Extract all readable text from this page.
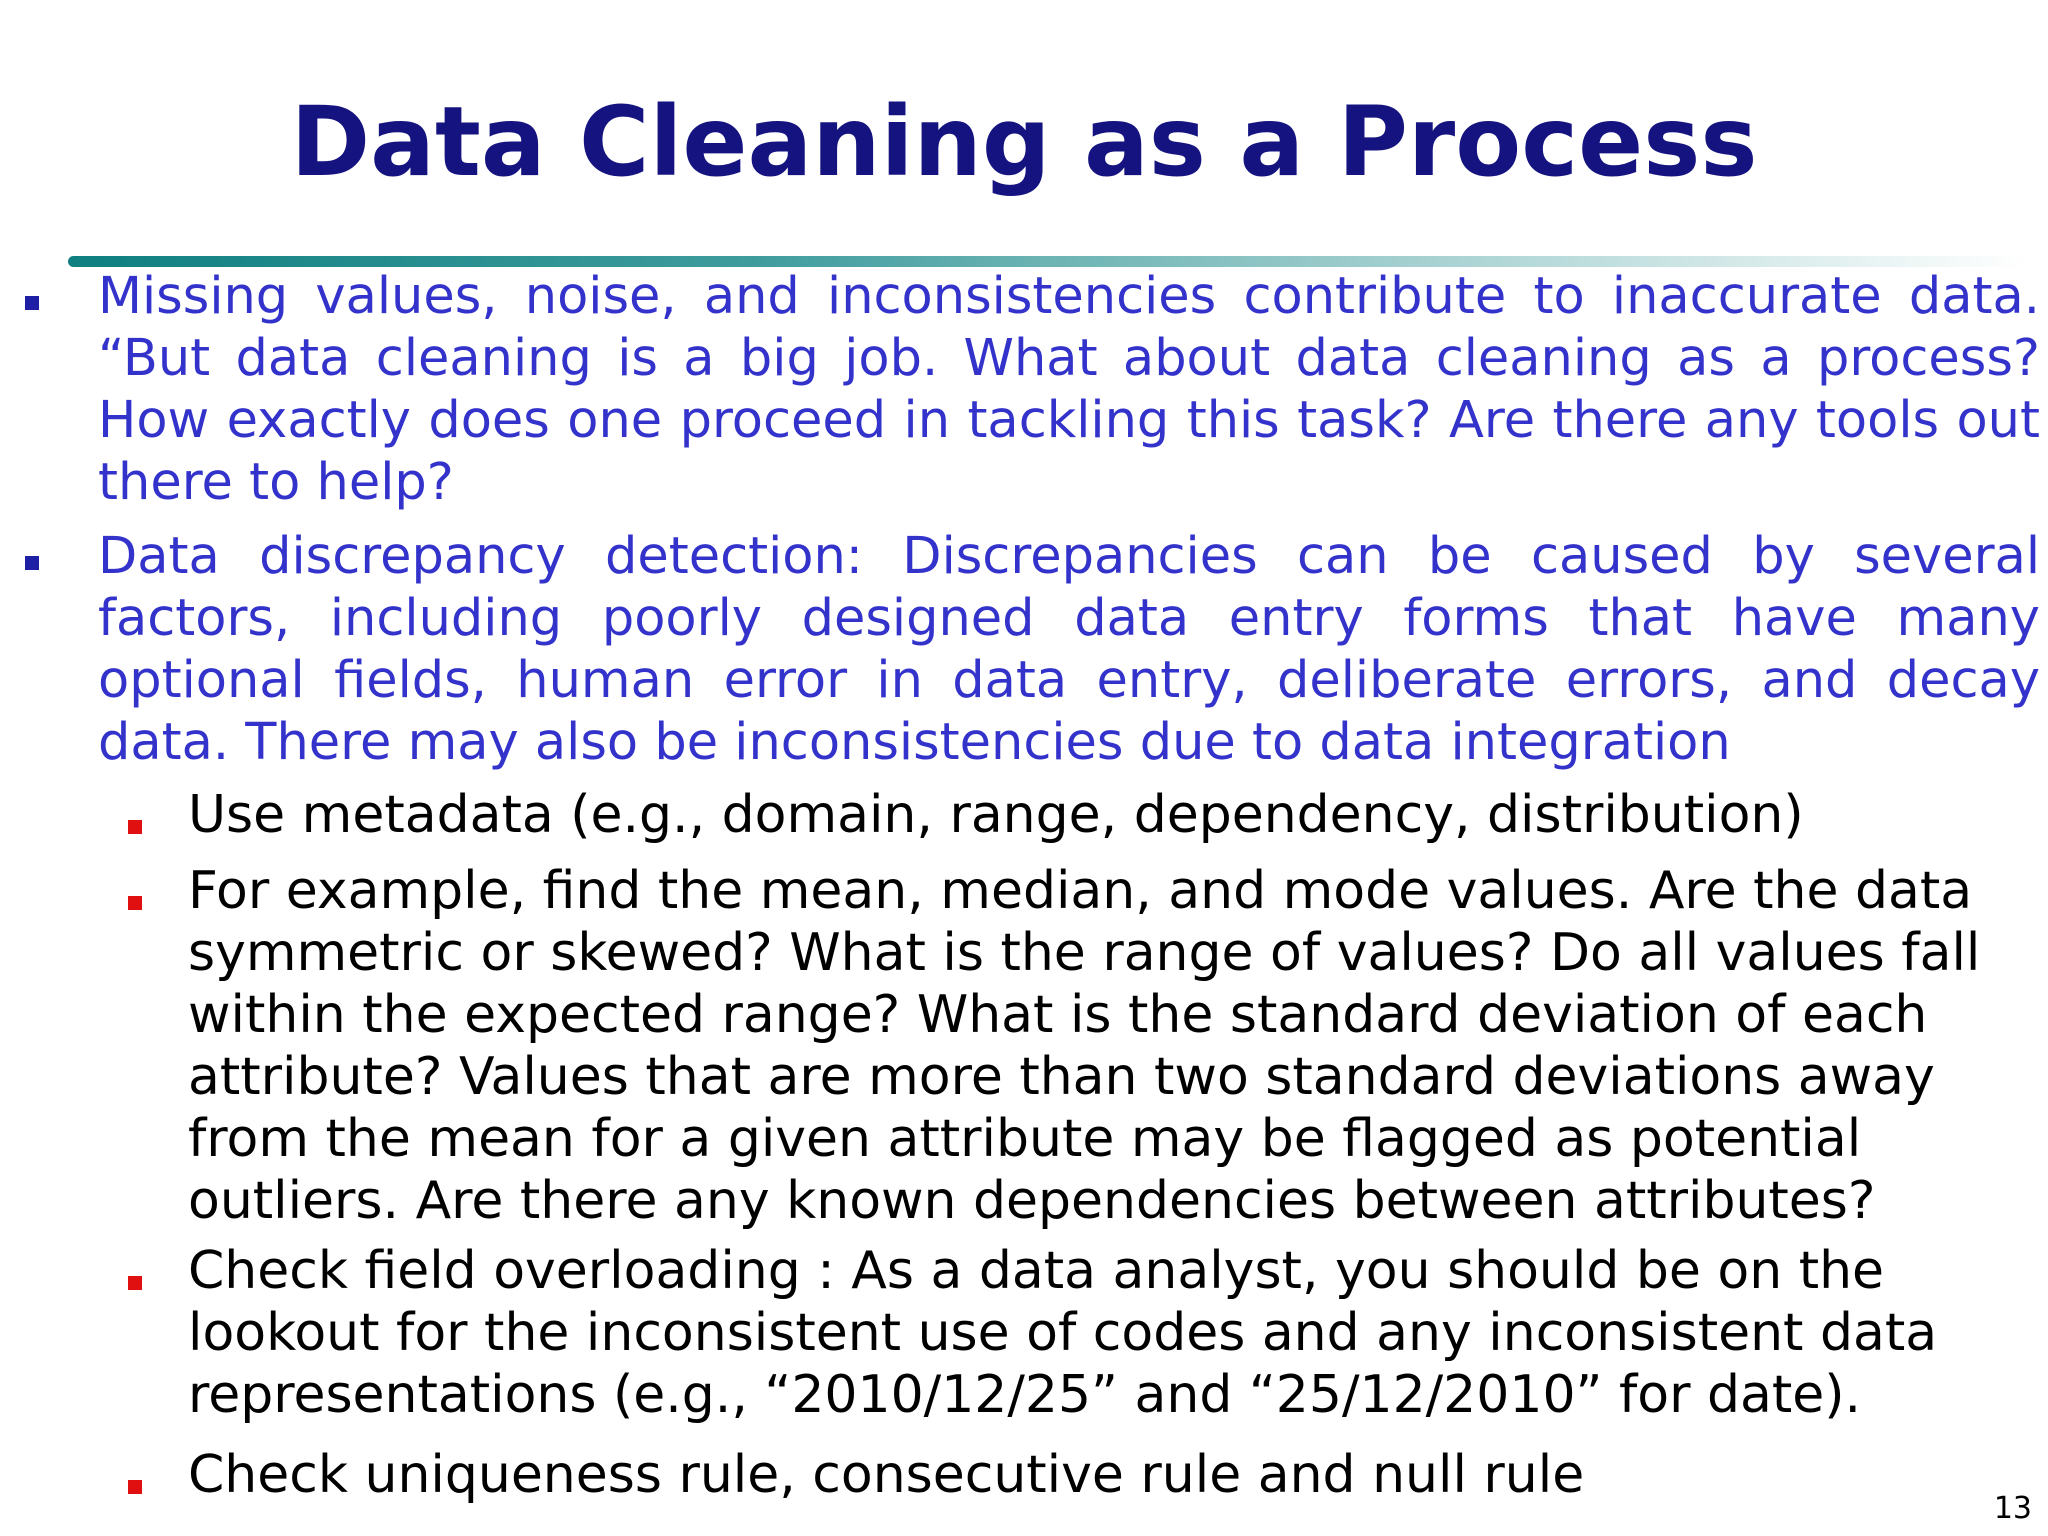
Data Cleaning as a Process
Missing values, noise, and inconsistencies contribute to inaccurate data. “But data cleaning is a big job. What about data cleaning as a process? How exactly does one proceed in tackling this task? Are there any tools out there to help?
Data discrepancy detection: Discrepancies can be caused by several factors, including poorly designed data entry forms that have many optional fields, human error in data entry, deliberate errors, and decay data. There may also be inconsistencies due to data integration
Use metadata (e.g., domain, range, dependency, distribution)
For example, find the mean, median, and mode values. Are the data symmetric or skewed? What is the range of values? Do all values fall within the expected range? What is the standard deviation of each attribute? Values that are more than two standard deviations away from the mean for a given attribute may be flagged as potential outliers. Are there any known dependencies between attributes?
Check field overloading : As a data analyst, you should be on the lookout for the inconsistent use of codes and any inconsistent data representations (e.g., “2010/12/25” and “25/12/2010” for date).
Check uniqueness rule, consecutive rule and null rule
13
